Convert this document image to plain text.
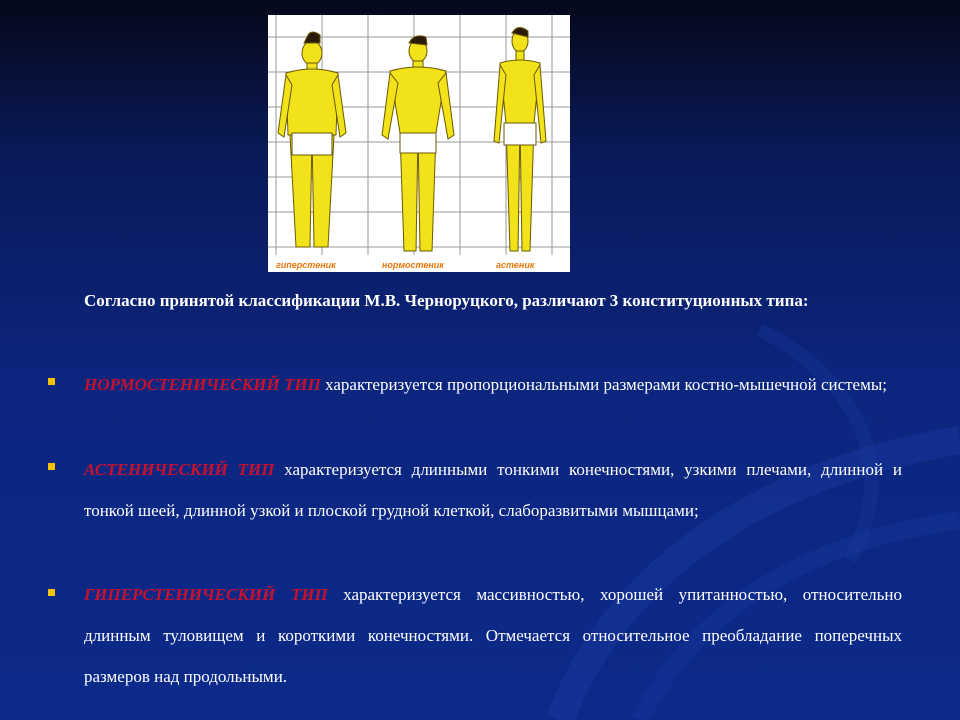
гиперстеник	нормостеник	астеник
Согласно принятой классификации М.В. Черноруцкого, различают 3 конституционных типа:
НОРМОСТЕНИЧЕСКИЙ ТИП характеризуется пропорциональными размерами костно-мышечной системы;
АСТЕНИЧЕСКИЙ ТИП характеризуется длинными тонкими конечностями, узкими плечами, длинной и тонкой шеей, длинной узкой и плоской грудной клеткой, слаборазвитыми мышцами;
ГИПЕРСТЕНИЧЕСКИЙ ТИП характеризуется массивностью, хорошей упитанностью, относительно длинным туловищем и короткими конечностями. Отмечается относительное преобладание поперечных размеров над продольными.
